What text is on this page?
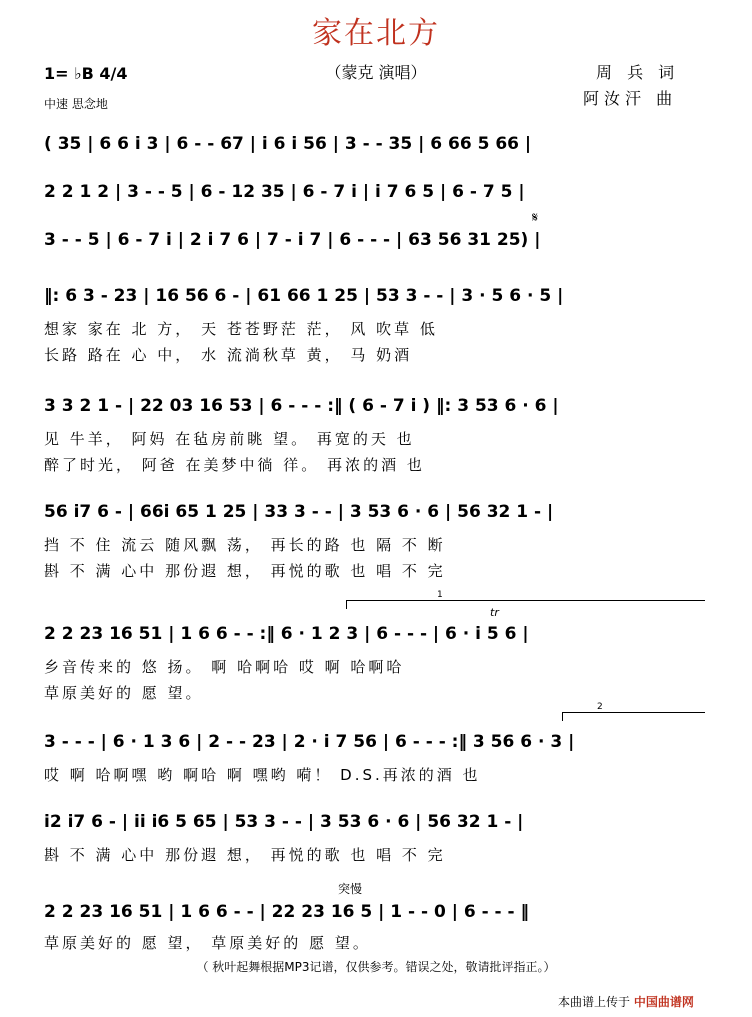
家在北方
（蒙克 演唱）
1= ♭B 4/4
中速 思念地
周 兵 词
阿汝汗 曲
( 35 | 6 6 i 3 | 6 - - 67 | i 6 i 56 | 3 - - 35 | 6 66 5 66 |
2 2 1 2 | 3 - - 5 | 6 - 12 35 | 6 - 7 i | i 7 6 5 | 6 - 7 5 |
3 - - 5 | 6 - 7 i | 2 i 7 6 | 7 - i 7 | 6 - - - | 63 56 31 25) |
𝄋
‖: 6 3 - 23 | 16 56 6 - | 61 66 1 25 | 53 3 - - | 3 · 5 6 · 5 |
想家 家在 北 方， 天 苍苍野茫 茫， 风 吹草 低
长路 路在 心 中， 水 流淌秋草 黄， 马 奶酒
3 3 2 1 - | 22 03 16 53 | 6 - - - :‖ ( 6 - 7 i ) ‖: 3 53 6 · 6 |
见 牛羊， 阿妈 在毡房前眺 望。 再宽的天 也
醉了时光， 阿爸 在美梦中徜 徉。 再浓的酒 也
56 i7 6 - | 66i 65 1 25 | 33 3 - - | 3 53 6 · 6 | 56 32 1 - |
挡 不 住 流云 随风飘 荡， 再长的路 也 隔 不 断
斟 不 满 心中 那份遐 想， 再悦的歌 也 唱 不 完
1
tr
2 2 23 16 51 | 1 6 6 - - :‖ 6 · 1 2 3 | 6 - - - | 6 · i 5 6 |
乡音传来的 悠 扬。 啊 哈啊哈 哎 啊 哈啊哈
草原美好的 愿 望。
2
3 - - - | 6 · 1 3 6 | 2 - - 23 | 2 · i 7 56 | 6 - - - :‖ 3 56 6 · 3 |
哎 啊 哈啊嘿 哟 啊哈 啊 嘿哟 嗬！ D.S.再浓的酒 也
i2 i7 6 - | ii i6 5 65 | 53 3 - - | 3 53 6 · 6 | 56 32 1 - |
斟 不 满 心中 那份遐 想， 再悦的歌 也 唱 不 完
突慢
2 2 23 16 51 | 1 6 6 - - | 22 23 16 5 | 1 - - 0 | 6 - - - ‖
草原美好的 愿 望， 草原美好的 愿 望。
（ 秋叶起舞根据MP3记谱，仅供参考。错误之处，敬请批评指正。）
本曲谱上传于 中国曲谱网
